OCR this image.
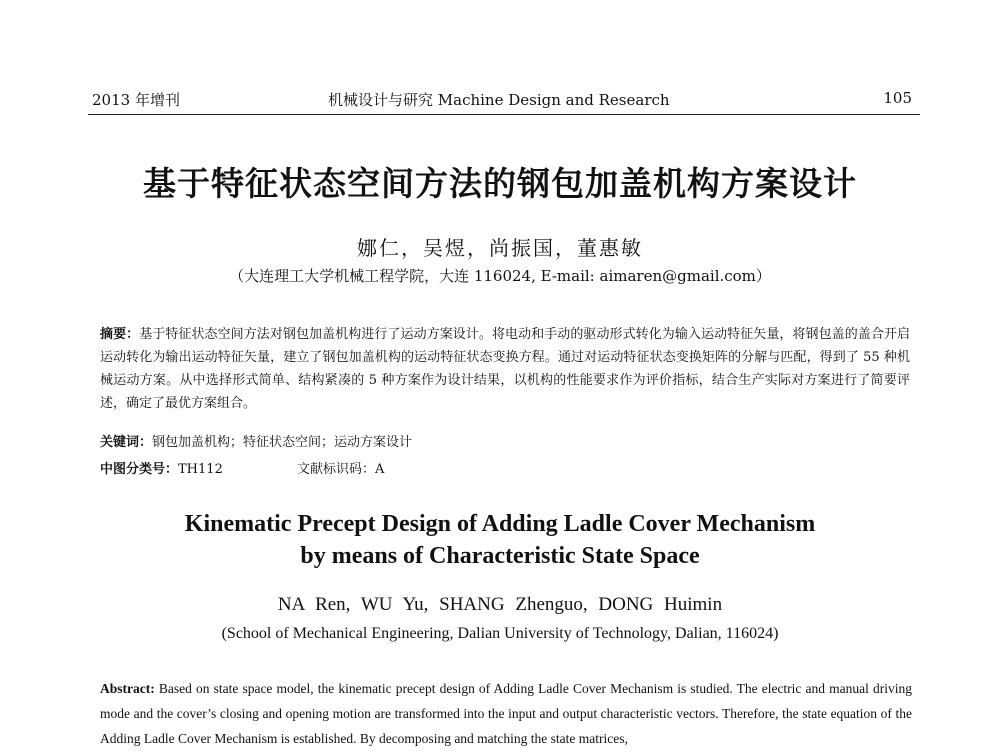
2013 年增刊	机械设计与研究 Machine Design and Research	105
基于特征状态空间方法的钢包加盖机构方案设计
娜仁，吴煜，尚振国，董惠敏
（大连理工大学机械工程学院，大连 116024, E-mail: aimaren@gmail.com）
摘要：基于特征状态空间方法对钢包加盖机构进行了运动方案设计。将电动和手动的驱动形式转化为输入运动特征矢量，将钢包盖的盖合开启运动转化为输出运动特征矢量，建立了钢包加盖机构的运动特征状态变换方程。通过对运动特征状态变换矩阵的分解与匹配，得到了 55 种机械运动方案。从中选择形式简单、结构紧凑的 5 种方案作为设计结果，以机构的性能要求作为评价指标，结合生产实际对方案进行了简要评述，确定了最优方案组合。
关键词：钢包加盖机构；特征状态空间；运动方案设计
中图分类号：TH112	文献标识码：A
Kinematic Precept Design of Adding Ladle Cover Mechanism
by means of Characteristic State Space
NA Ren, WU Yu, SHANG Zhenguo, DONG Huimin
(School of Mechanical Engineering, Dalian University of Technology, Dalian, 116024)
Abstract: Based on state space model, the kinematic precept design of Adding Ladle Cover Mechanism is studied. The electric and manual driving mode and the cover’s closing and opening motion are transformed into the input and output characteristic vectors. Therefore, the state equation of the Adding Ladle Cover Mechanism is established. By decomposing and matching the state matrices,
